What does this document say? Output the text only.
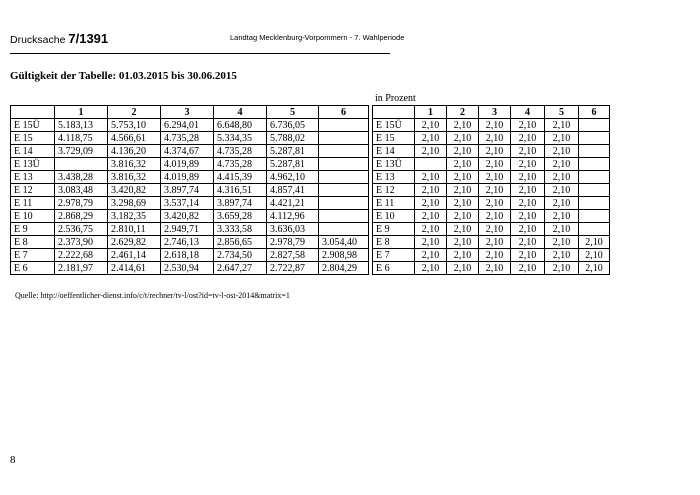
Drucksache 7/1391	Landtag Mecklenburg-Vorpommern - 7. Wahlperiode
Gültigkeit der Tabelle: 01.03.2015 bis 30.06.2015
in Prozent
	1	2	3	4	5	6
E 15Ü	5.183,13	5.753,10	6.294,01	6.648,80	6.736,05	
E 15	4.118,75	4.566,61	4.735,28	5.334,35	5.788,02	
E 14	3.729,09	4.136,20	4.374,67	4.735,28	5.287,81	
E 13Ü		3.816,32	4.019,89	4.735,28	5.287,81	
E 13	3.438,28	3.816,32	4.019,89	4.415,39	4.962,10	
E 12	3.083,48	3.420,82	3.897,74	4.316,51	4.857,41	
E 11	2.978,79	3.298,69	3.537,14	3.897,74	4.421,21	
E 10	2.868,29	3.182,35	3.420,82	3.659,28	4.112,96	
E 9	2.536,75	2.810,11	2.949,71	3.333,58	3.636,03	
E 8	2.373,90	2.629,82	2.746,13	2.856,65	2.978,79	3.054,40
E 7	2.222,68	2.461,14	2.618,18	2.734,50	2.827,58	2.908,98
E 6	2.181,97	2.414,61	2.530,94	2.647,27	2.722,87	2.804,29
	1	2	3	4	5	6
E 15Ü	2,10	2,10	2,10	2,10	2,10	
E 15	2,10	2,10	2,10	2,10	2,10	
E 14	2,10	2,10	2,10	2,10	2,10	
E 13Ü		2,10	2,10	2,10	2,10	
E 13	2,10	2,10	2,10	2,10	2,10	
E 12	2,10	2,10	2,10	2,10	2,10	
E 11	2,10	2,10	2,10	2,10	2,10	
E 10	2,10	2,10	2,10	2,10	2,10	
E 9	2,10	2,10	2,10	2,10	2,10	
E 8	2,10	2,10	2,10	2,10	2,10	2,10
E 7	2,10	2,10	2,10	2,10	2,10	2,10
E 6	2,10	2,10	2,10	2,10	2,10	2,10
Quelle: http://oeffentlicher-dienst.info/c/t/rechner/tv-l/ost?id=tv-l-ost-2014&matrix=1
8
